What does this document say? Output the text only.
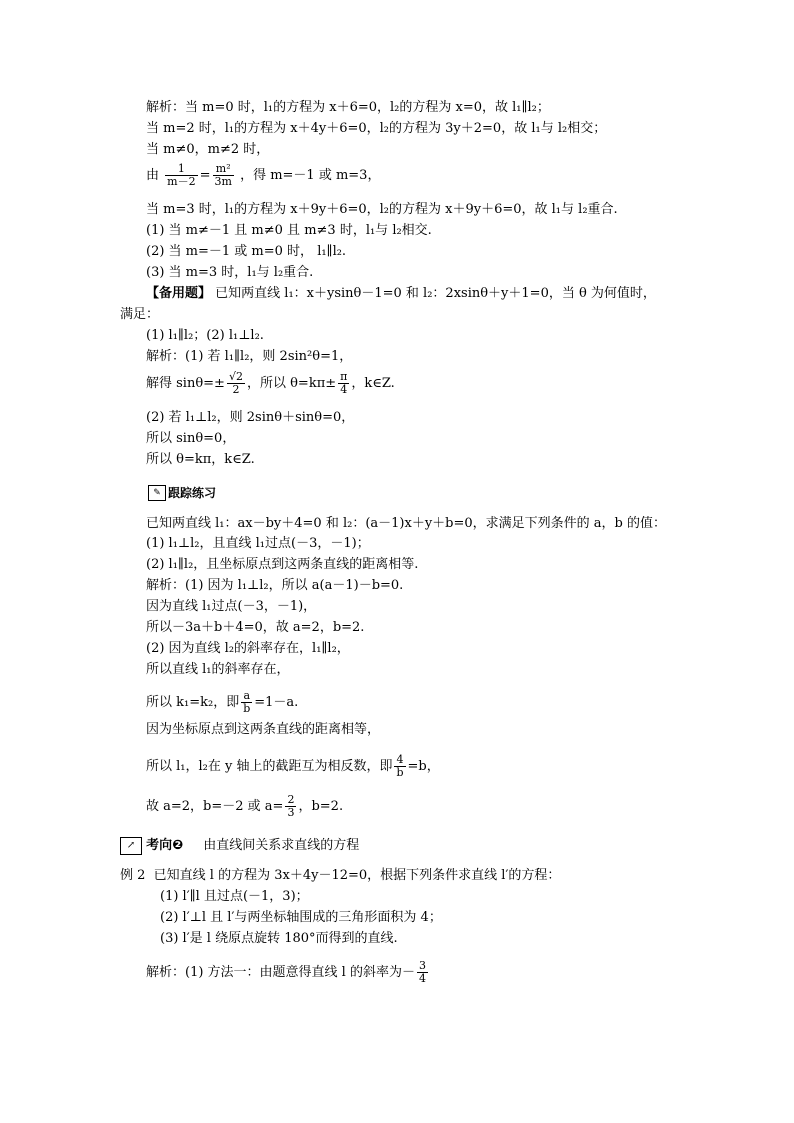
解析：当 m=0 时，l₁的方程为 x＋6=0，l₂的方程为 x=0，故 l₁∥l₂；
当 m=2 时，l₁的方程为 x＋4y＋6=0，l₂的方程为 3y＋2=0，故 l₁与 l₂相交；
当 m≠0，m≠2 时，
由 $\frac{1}{m-2} = \frac{\text{m²}}{3m}$ ，得 m=－1 或 m=3，
当 m=3 时，l₁的方程为 x＋9y＋6=0，l₂的方程为 x＋9y＋6=0，故 l₁与 l₂重合.
(1) 当 m≠－1 且 m≠0 且 m≠3 时，l₁与 l₂相交.
(2) 当 m=－1 或 m=0 时， l₁∥l₂.
(3) 当 m=3 时，l₁与 l₂重合.
【备用题】 已知两直线 l₁：x＋ysinθ－1=0 和 l₂：2xsinθ＋y＋1=0，当 θ 为何值时，
满足：
(1) l₁∥l₂；(2) l₁⊥l₂.
解析：(1) 若 l₁∥l₂，则 2sin²θ=1，
解得 $\sin\theta=\pm \frac{√2}{2}$ ，所以 $\theta=k\pi\pm \frac{\pi}{4}$ ，k∈Z.
(2) 若 l₁⊥l₂，则 2sinθ＋sinθ=0，
所以 sinθ=0，
所以 θ=kπ，k∈Z.
✎ 跟踪练习
已知两直线 l₁：ax－by＋4=0 和 l₂：(a－1)x＋y＋b=0，求满足下列条件的 a，b 的值：
(1) l₁⊥l₂，且直线 l₁过点(－3，－1)；
(2) l₁∥l₂，且坐标原点到这两条直线的距离相等.
解析：(1) 因为 l₁⊥l₂，所以 a(a－1)－b=0.
因为直线 l₁过点(－3，－1)，
所以－3a＋b＋4=0，故 a=2，b=2.
(2) 因为直线 l₂的斜率存在，l₁∥l₂，
所以直线 l₁的斜率存在，
所以 k₁=k₂，即 $\frac{a}{b} =1-a$.
因为坐标原点到这两条直线的距离相等，
所以 l₁，l₂在 y 轴上的截距互为相反数，即 $\frac{4}{b} =b$，
故 a=2，b=－2 或 $a= \frac{2}{3}$ ，b=2.
↗ 考向❷ 由直线间关系求直线的方程
例 2 已知直线 l 的方程为 3x＋4y－12=0，根据下列条件求直线 l′的方程：
(1) l′∥l 且过点(－1，3)；
(2) l′⊥l 且 l′与两坐标轴围成的三角形面积为 4；
(3) l′是 l 绕原点旋转 180°而得到的直线.
解析：(1) 方法一：由题意得直线 l 的斜率为－ $\frac{3}{4}$
